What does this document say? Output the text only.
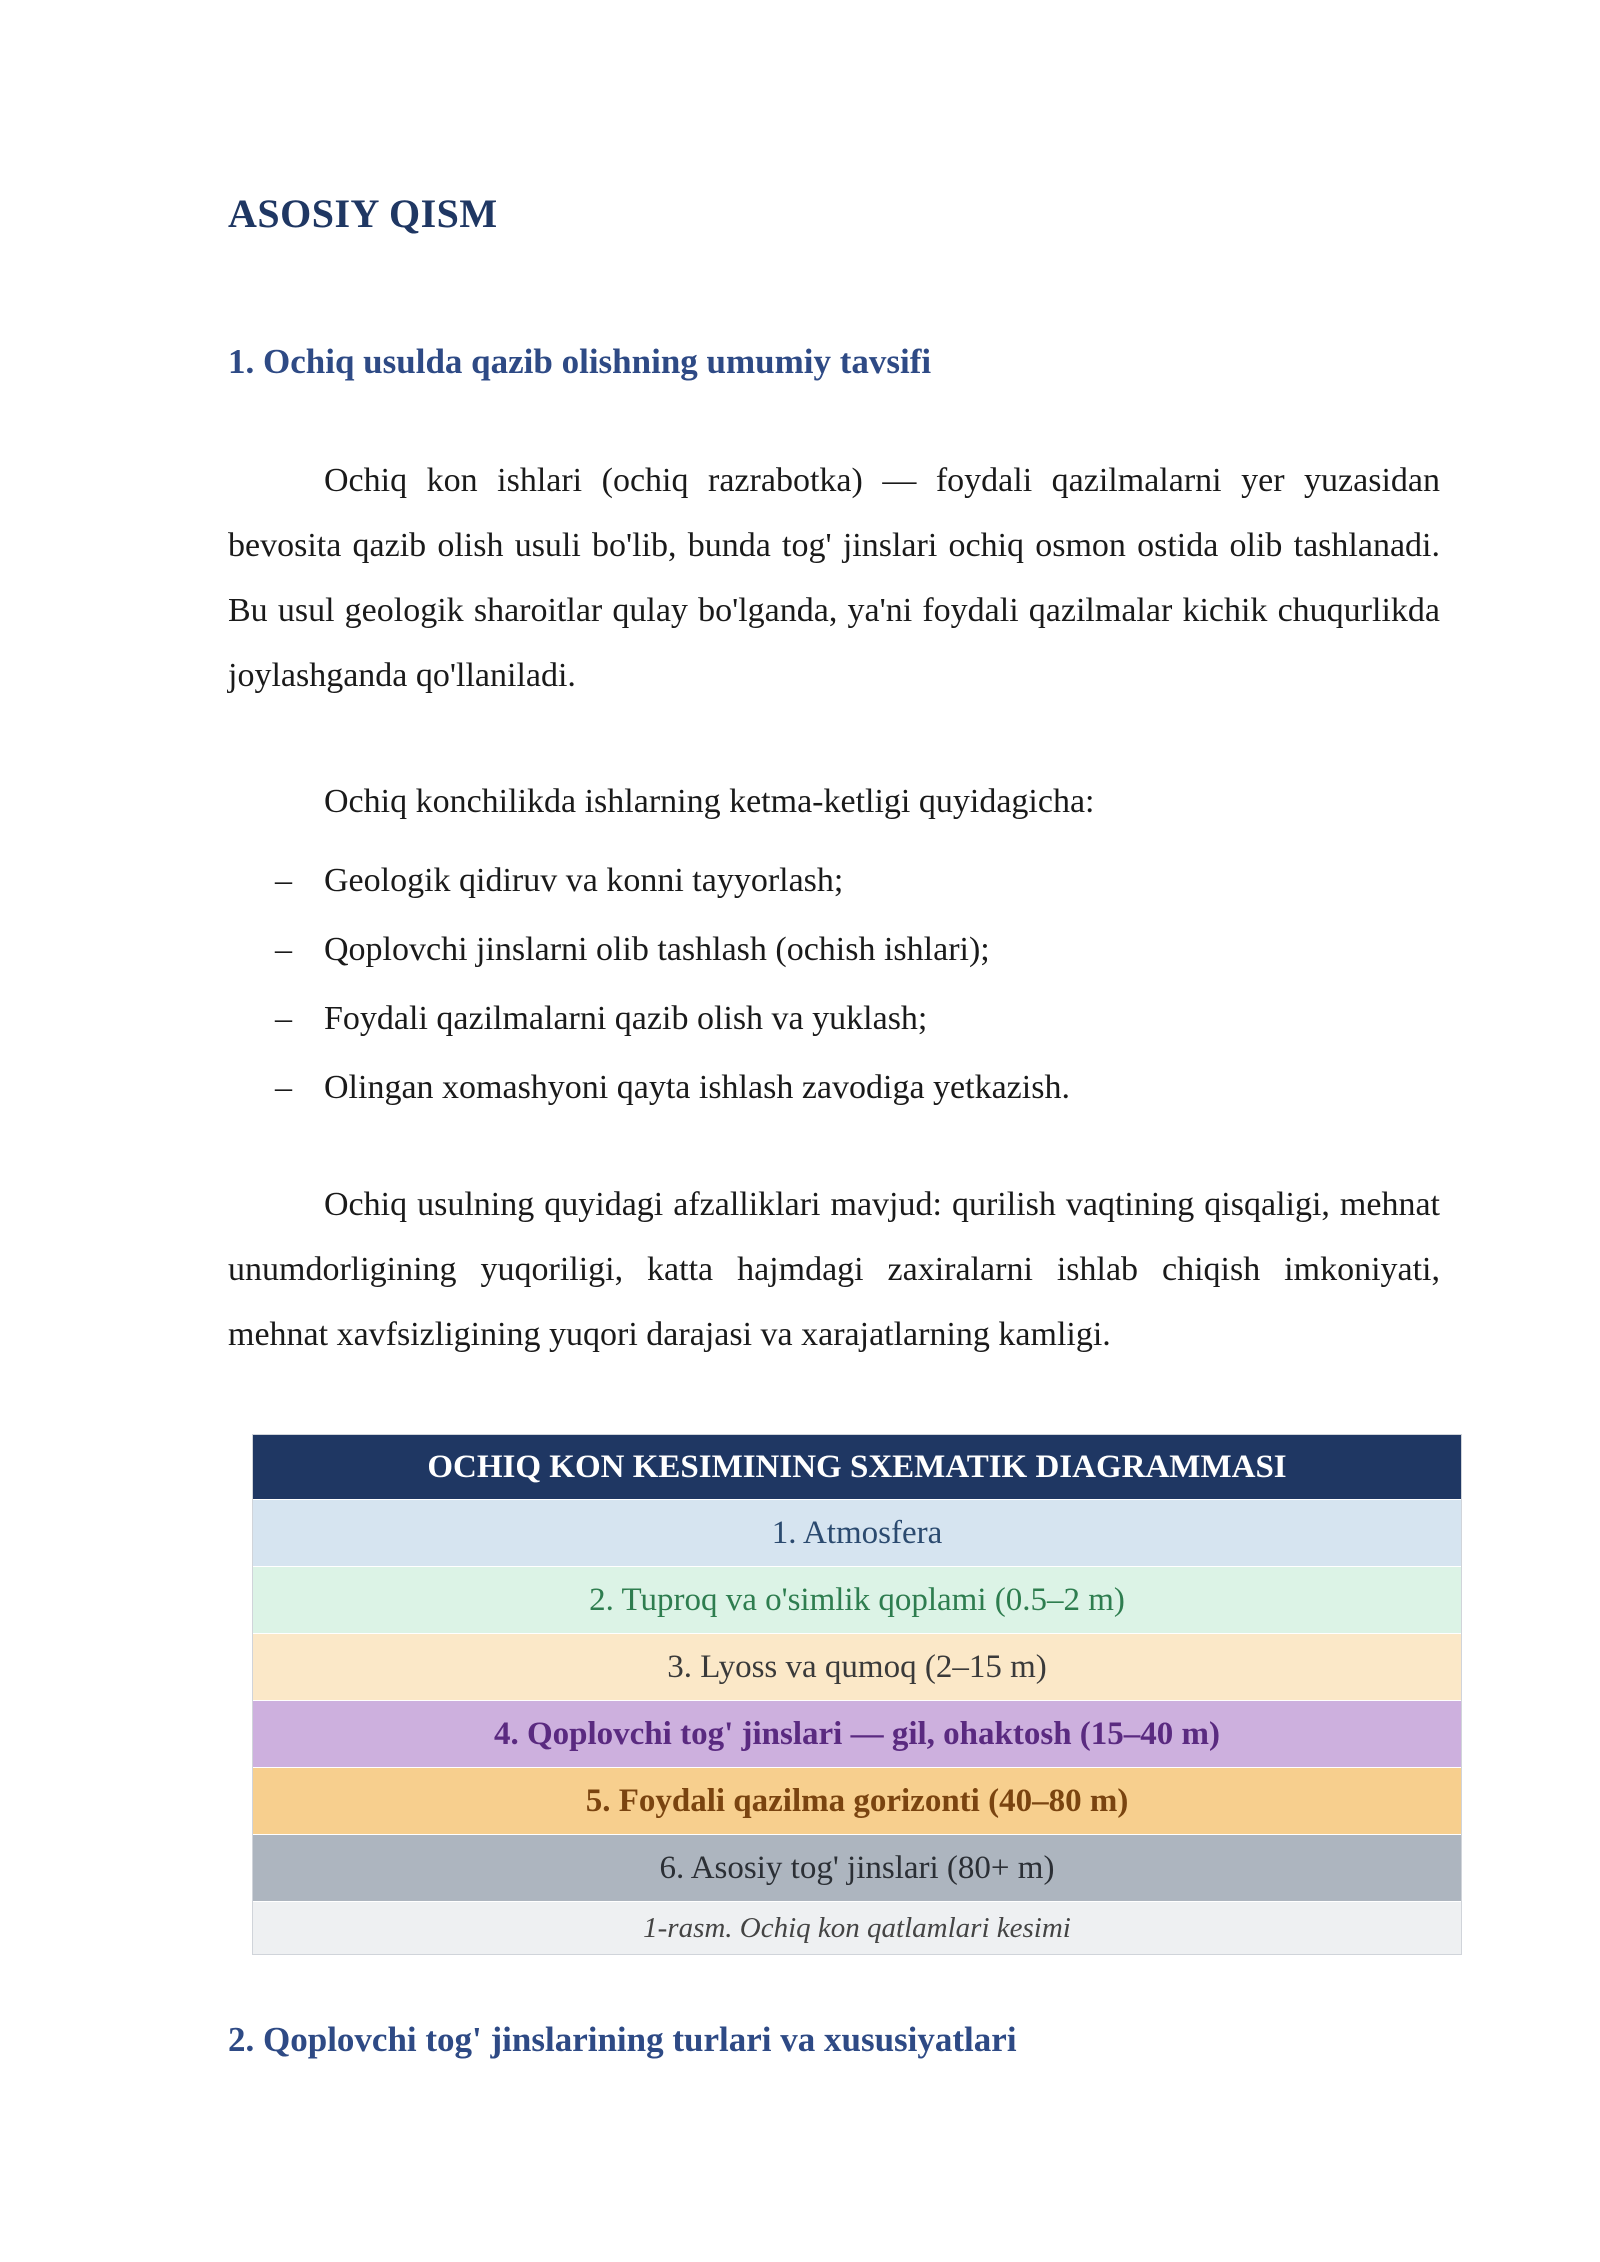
ASOSIY QISM
1. Ochiq usulda qazib olishning umumiy tavsifi

Ochiq kon ishlari (ochiq razrabotka) — foydali qazilmalarni yer yuzasidan bevosita qazib olish usuli bo'lib, bunda tog' jinslari ochiq osmon ostida olib tashlanadi. Bu usul geologik sharoitlar qulay bo'lganda, ya'ni foydali qazilmalar kichik chuqurlikda joylashganda qo'llaniladi.

Ochiq konchilikda ishlarning ketma-ketligi quyidagicha:
– Geologik qidiruv va konni tayyorlash;
– Qoplovchi jinslarni olib tashlash (ochish ishlari);
– Foydali qazilmalarni qazib olish va yuklash;
– Olingan xomashyoni qayta ishlash zavodiga yetkazish.

Ochiq usulning quyidagi afzalliklari mavjud: qurilish vaqtining qisqaligi, mehnat unumdorligining yuqoriligi, katta hajmdagi zaxiralarni ishlab chiqish imkoniyati, mehnat xavfsizligining yuqori darajasi va xarajatlarning kamligi.

2. Qoplovchi tog' jinslarining turlari va xususiyatlari
OCHIQ KON KESIMINING SXEMATIK DIAGRAMMASI
1. Atmosfera
2. Tuproq va o'simlik qoplami (0.5–2 m)
3. Lyoss va qumoq (2–15 m)
4. Qoplovchi tog' jinslari — gil, ohaktosh (15–40 m)
5. Foydali qazilma gorizonti (40–80 m)
6. Asosiy tog' jinslari (80+ m)
1-rasm. Ochiq kon qatlamlari kesimi
